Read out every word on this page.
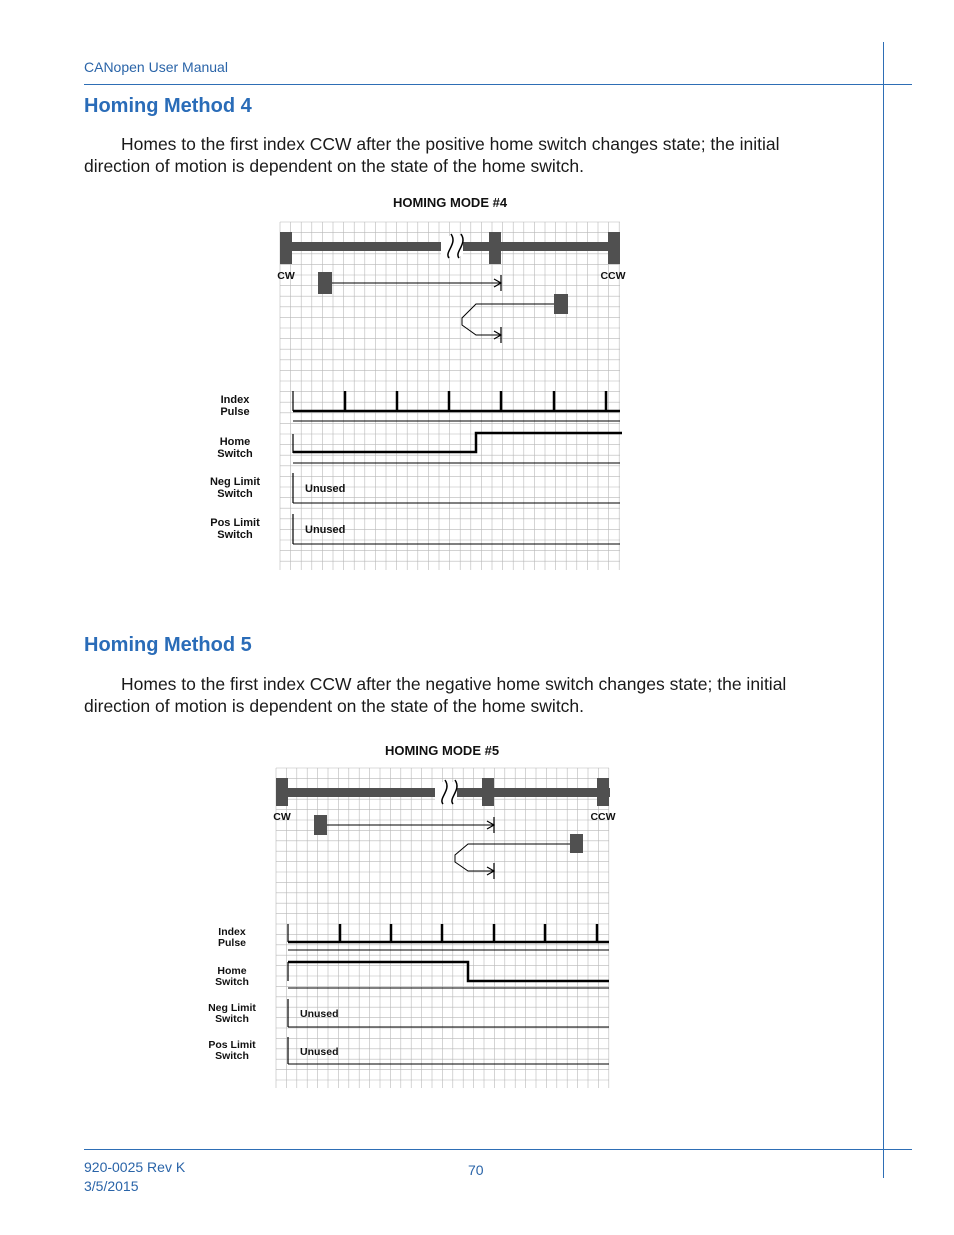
CANopen User Manual
Homing Method 4
Homes to the first index CCW after the positive home switch changes state; the initial direction of motion is dependent on the state of the home switch.
HOMING MODE #4
CW	CCW
Index
Pulse
Home
Switch
Neg Limit
Switch
Pos Limit
Switch
Unused
Unused
Homing Method 5
Homes to the first index CCW after the negative home switch changes state; the initial direction of motion is dependent on the state of the home switch.
HOMING MODE #5
CW	CCW
Index
Pulse
Home
Switch
Neg Limit
Switch
Pos Limit
Switch
Unused
Unused
920-0025 Rev K
3/5/2015
70
